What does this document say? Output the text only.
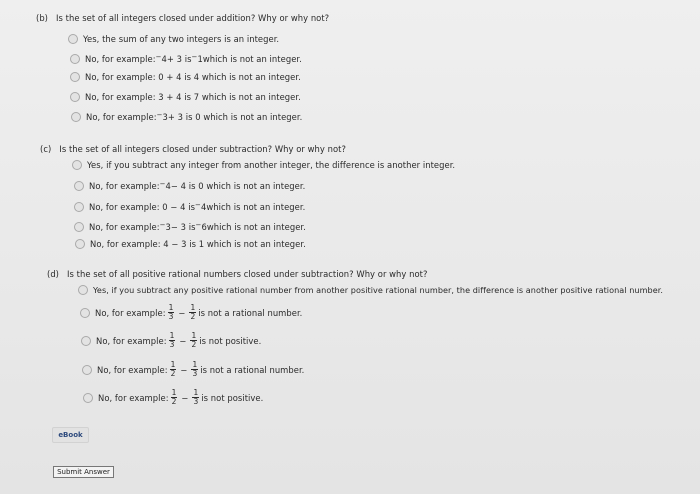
(b) Is the set of all integers closed under addition? Why or why not?
Yes, the sum of any two integers is an integer.
No, for example: − 4 + 3 is − 1 which is not an integer.
No, for example: 0 + 4 is 4 which is not an integer.
No, for example: 3 + 4 is 7 which is not an integer.
No, for example: − 3 + 3 is 0 which is not an integer.
(c) Is the set of all integers closed under subtraction? Why or why not?
Yes, if you subtract any integer from another integer, the difference is another integer.
No, for example: − 4 − 4 is 0 which is not an integer.
No, for example: 0 − 4 is − 4 which is not an integer.
No, for example: − 3 − 3 is − 6 which is not an integer.
No, for example: 4 − 3 is 1 which is not an integer.
(d) Is the set of all positive rational numbers closed under subtraction? Why or why not?
Yes, if you subtract any positive rational number from another positive rational number, the difference is another positive rational number.
No, for example: $\frac{1}{3} - \frac{1}{2}$ is not a rational number.
No, for example: $\frac{1}{3} - \frac{1}{2}$ is not positive.
No, for example: $\frac{1}{2} - \frac{1}{3}$ is not a rational number.
No, for example: $\frac{1}{2} - \frac{1}{3}$ is not positive.
eBook
Submit Answer
